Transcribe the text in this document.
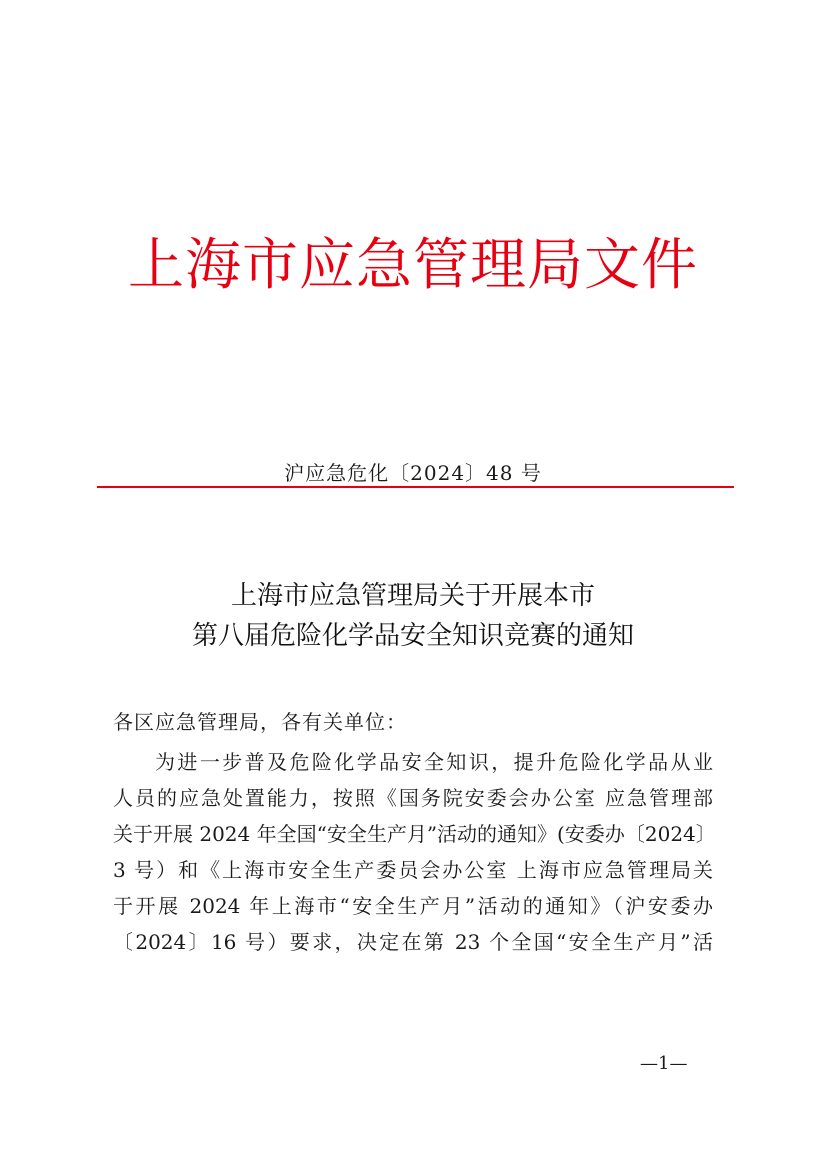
上海市应急管理局文件
沪应急危化〔2024〕48 号
上海市应急管理局关于开展本市
第八届危险化学品安全知识竞赛的通知
各区应急管理局，各有关单位：
为进一步普及危险化学品安全知识，提升危险化学品从业
人员的应急处置能力，按照《国务院安委会办公室 应急管理部
关于开展 2024 年全国“安全生产月”活动的通知》(安委办〔2024〕
3 号）和《上海市安全生产委员会办公室 上海市应急管理局关
于开展 2024 年上海市“安全生产月”活动的通知》（沪安委办
〔2024〕16 号）要求，决定在第 23 个全国“安全生产月”活
—1—
